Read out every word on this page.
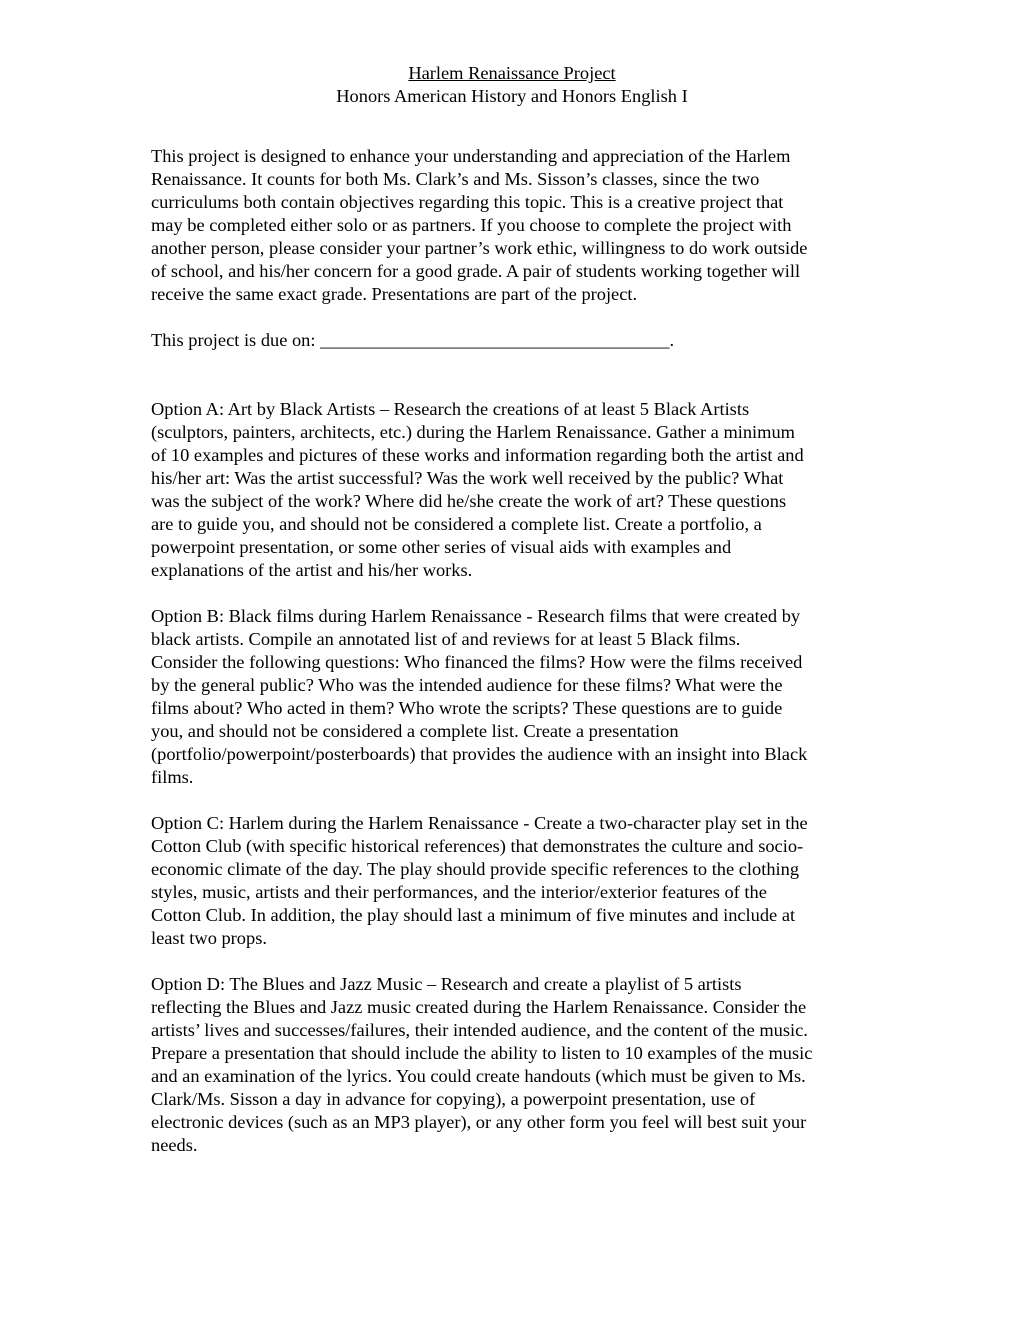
Harlem Renaissance Project

Honors American History and Honors English I

This project is designed to enhance your understanding and appreciation of the Harlem
Renaissance. It counts for both Ms. Clark’s and Ms. Sisson’s classes, since the two
curriculums both contain objectives regarding this topic. This is a creative project that
may be completed either solo or as partners. If you choose to complete the project with
another person, please consider your partner’s work ethic, willingness to do work outside
of school, and his/her concern for a good grade. A pair of students working together will
receive the same exact grade. Presentations are part of the project.

This project is due on: ______________________________________.

Option A: Art by Black Artists – Research the creations of at least 5 Black Artists
(sculptors, painters, architects, etc.) during the Harlem Renaissance. Gather a minimum
of 10 examples and pictures of these works and information regarding both the artist and
his/her art: Was the artist successful? Was the work well received by the public? What
was the subject of the work? Where did he/she create the work of art? These questions
are to guide you, and should not be considered a complete list. Create a portfolio, a
powerpoint presentation, or some other series of visual aids with examples and
explanations of the artist and his/her works.

Option B: Black films during Harlem Renaissance - Research films that were created by
black artists. Compile an annotated list of and reviews for at least 5 Black films.
Consider the following questions: Who financed the films? How were the films received
by the general public? Who was the intended audience for these films? What were the
films about? Who acted in them? Who wrote the scripts? These questions are to guide
you, and should not be considered a complete list. Create a presentation
(portfolio/powerpoint/posterboards) that provides the audience with an insight into Black
films.

Option C: Harlem during the Harlem Renaissance - Create a two-character play set in the
Cotton Club (with specific historical references) that demonstrates the culture and socio-
economic climate of the day. The play should provide specific references to the clothing
styles, music, artists and their performances, and the interior/exterior features of the
Cotton Club. In addition, the play should last a minimum of five minutes and include at
least two props.

Option D: The Blues and Jazz Music – Research and create a playlist of 5 artists
reflecting the Blues and Jazz music created during the Harlem Renaissance. Consider the
artists’ lives and successes/failures, their intended audience, and the content of the music.
Prepare a presentation that should include the ability to listen to 10 examples of the music
and an examination of the lyrics. You could create handouts (which must be given to Ms.
Clark/Ms. Sisson a day in advance for copying), a powerpoint presentation, use of
electronic devices (such as an MP3 player), or any other form you feel will best suit your
needs.
